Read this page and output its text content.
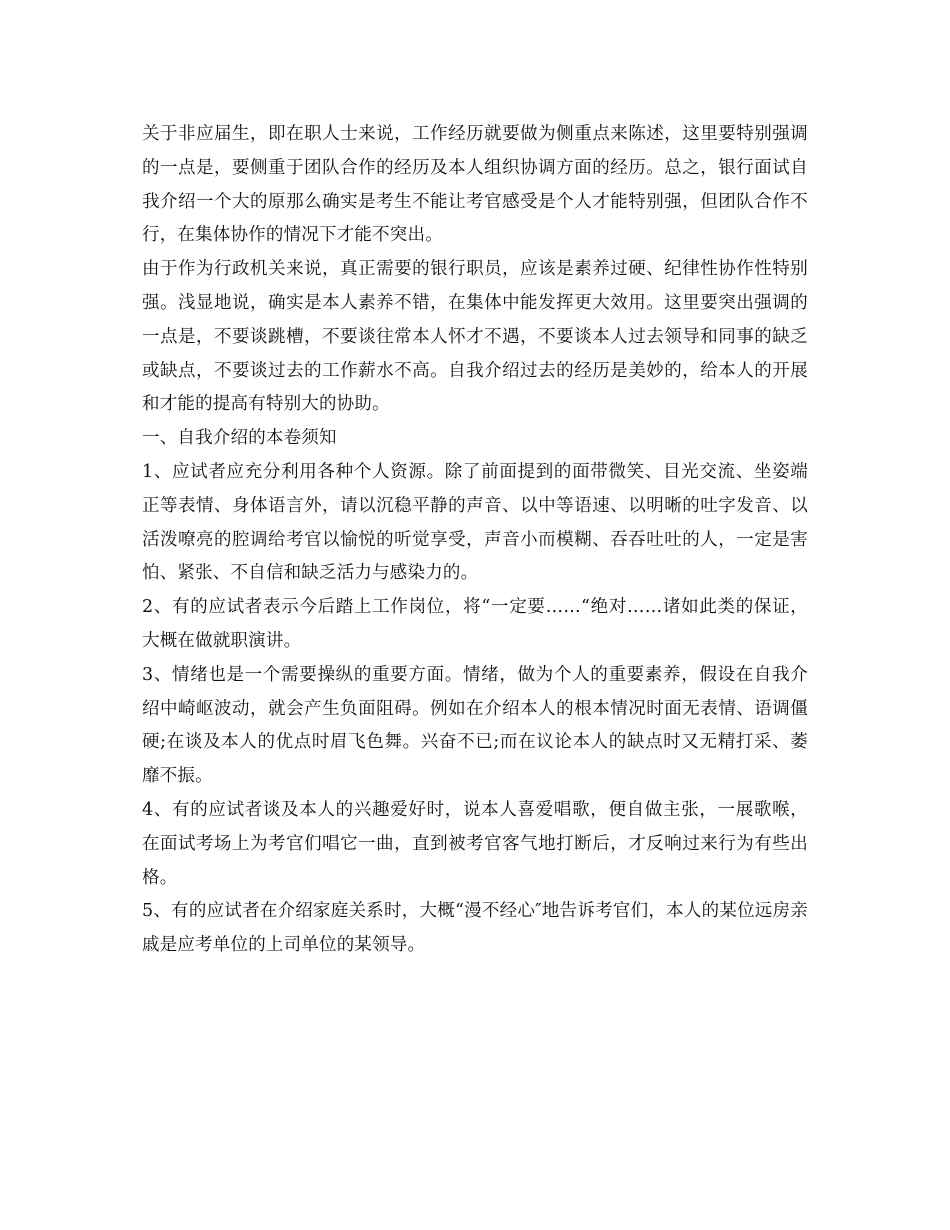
关于非应届生，即在职人士来说，工作经历就要做为侧重点来陈述，这里要特别强调的一点是，要侧重于团队合作的经历及本人组织协调方面的经历。总之，银行面试自我介绍一个大的原那么确实是考生不能让考官感受是个人才能特别强，但团队合作不行，在集体协作的情况下才能不突出。

由于作为行政机关来说，真正需要的银行职员，应该是素养过硬、纪律性协作性特别强。浅显地说，确实是本人素养不错，在集体中能发挥更大效用。这里要突出强调的一点是，不要谈跳槽，不要谈往常本人怀才不遇，不要谈本人过去领导和同事的缺乏或缺点，不要谈过去的工作薪水不高。自我介绍过去的经历是美妙的，给本人的开展和才能的提高有特别大的协助。

一、自我介绍的本卷须知

1、应试者应充分利用各种个人资源。除了前面提到的面带微笑、目光交流、坐姿端正等表情、身体语言外，请以沉稳平静的声音、以中等语速、以明晰的吐字发音、以活泼嘹亮的腔调给考官以愉悦的听觉享受，声音小而模糊、吞吞吐吐的人，一定是害怕、紧张、不自信和缺乏活力与感染力的。

2、有的应试者表示今后踏上工作岗位，将“一定要……“绝对……诸如此类的保证，大概在做就职演讲。

3、情绪也是一个需要操纵的重要方面。情绪，做为个人的重要素养，假设在自我介绍中崎岖波动，就会产生负面阻碍。例如在介绍本人的根本情况时面无表情、语调僵硬;在谈及本人的优点时眉飞色舞。兴奋不已;而在议论本人的缺点时又无精打采、萎靡不振。

4、有的应试者谈及本人的兴趣爱好时，说本人喜爱唱歌，便自做主张，一展歌喉，在面试考场上为考官们唱它一曲，直到被考官客气地打断后，才反响过来行为有些出格。

5、有的应试者在介绍家庭关系时，大概“漫不经心″地告诉考官们，本人的某位远房亲戚是应考单位的上司单位的某领导。
